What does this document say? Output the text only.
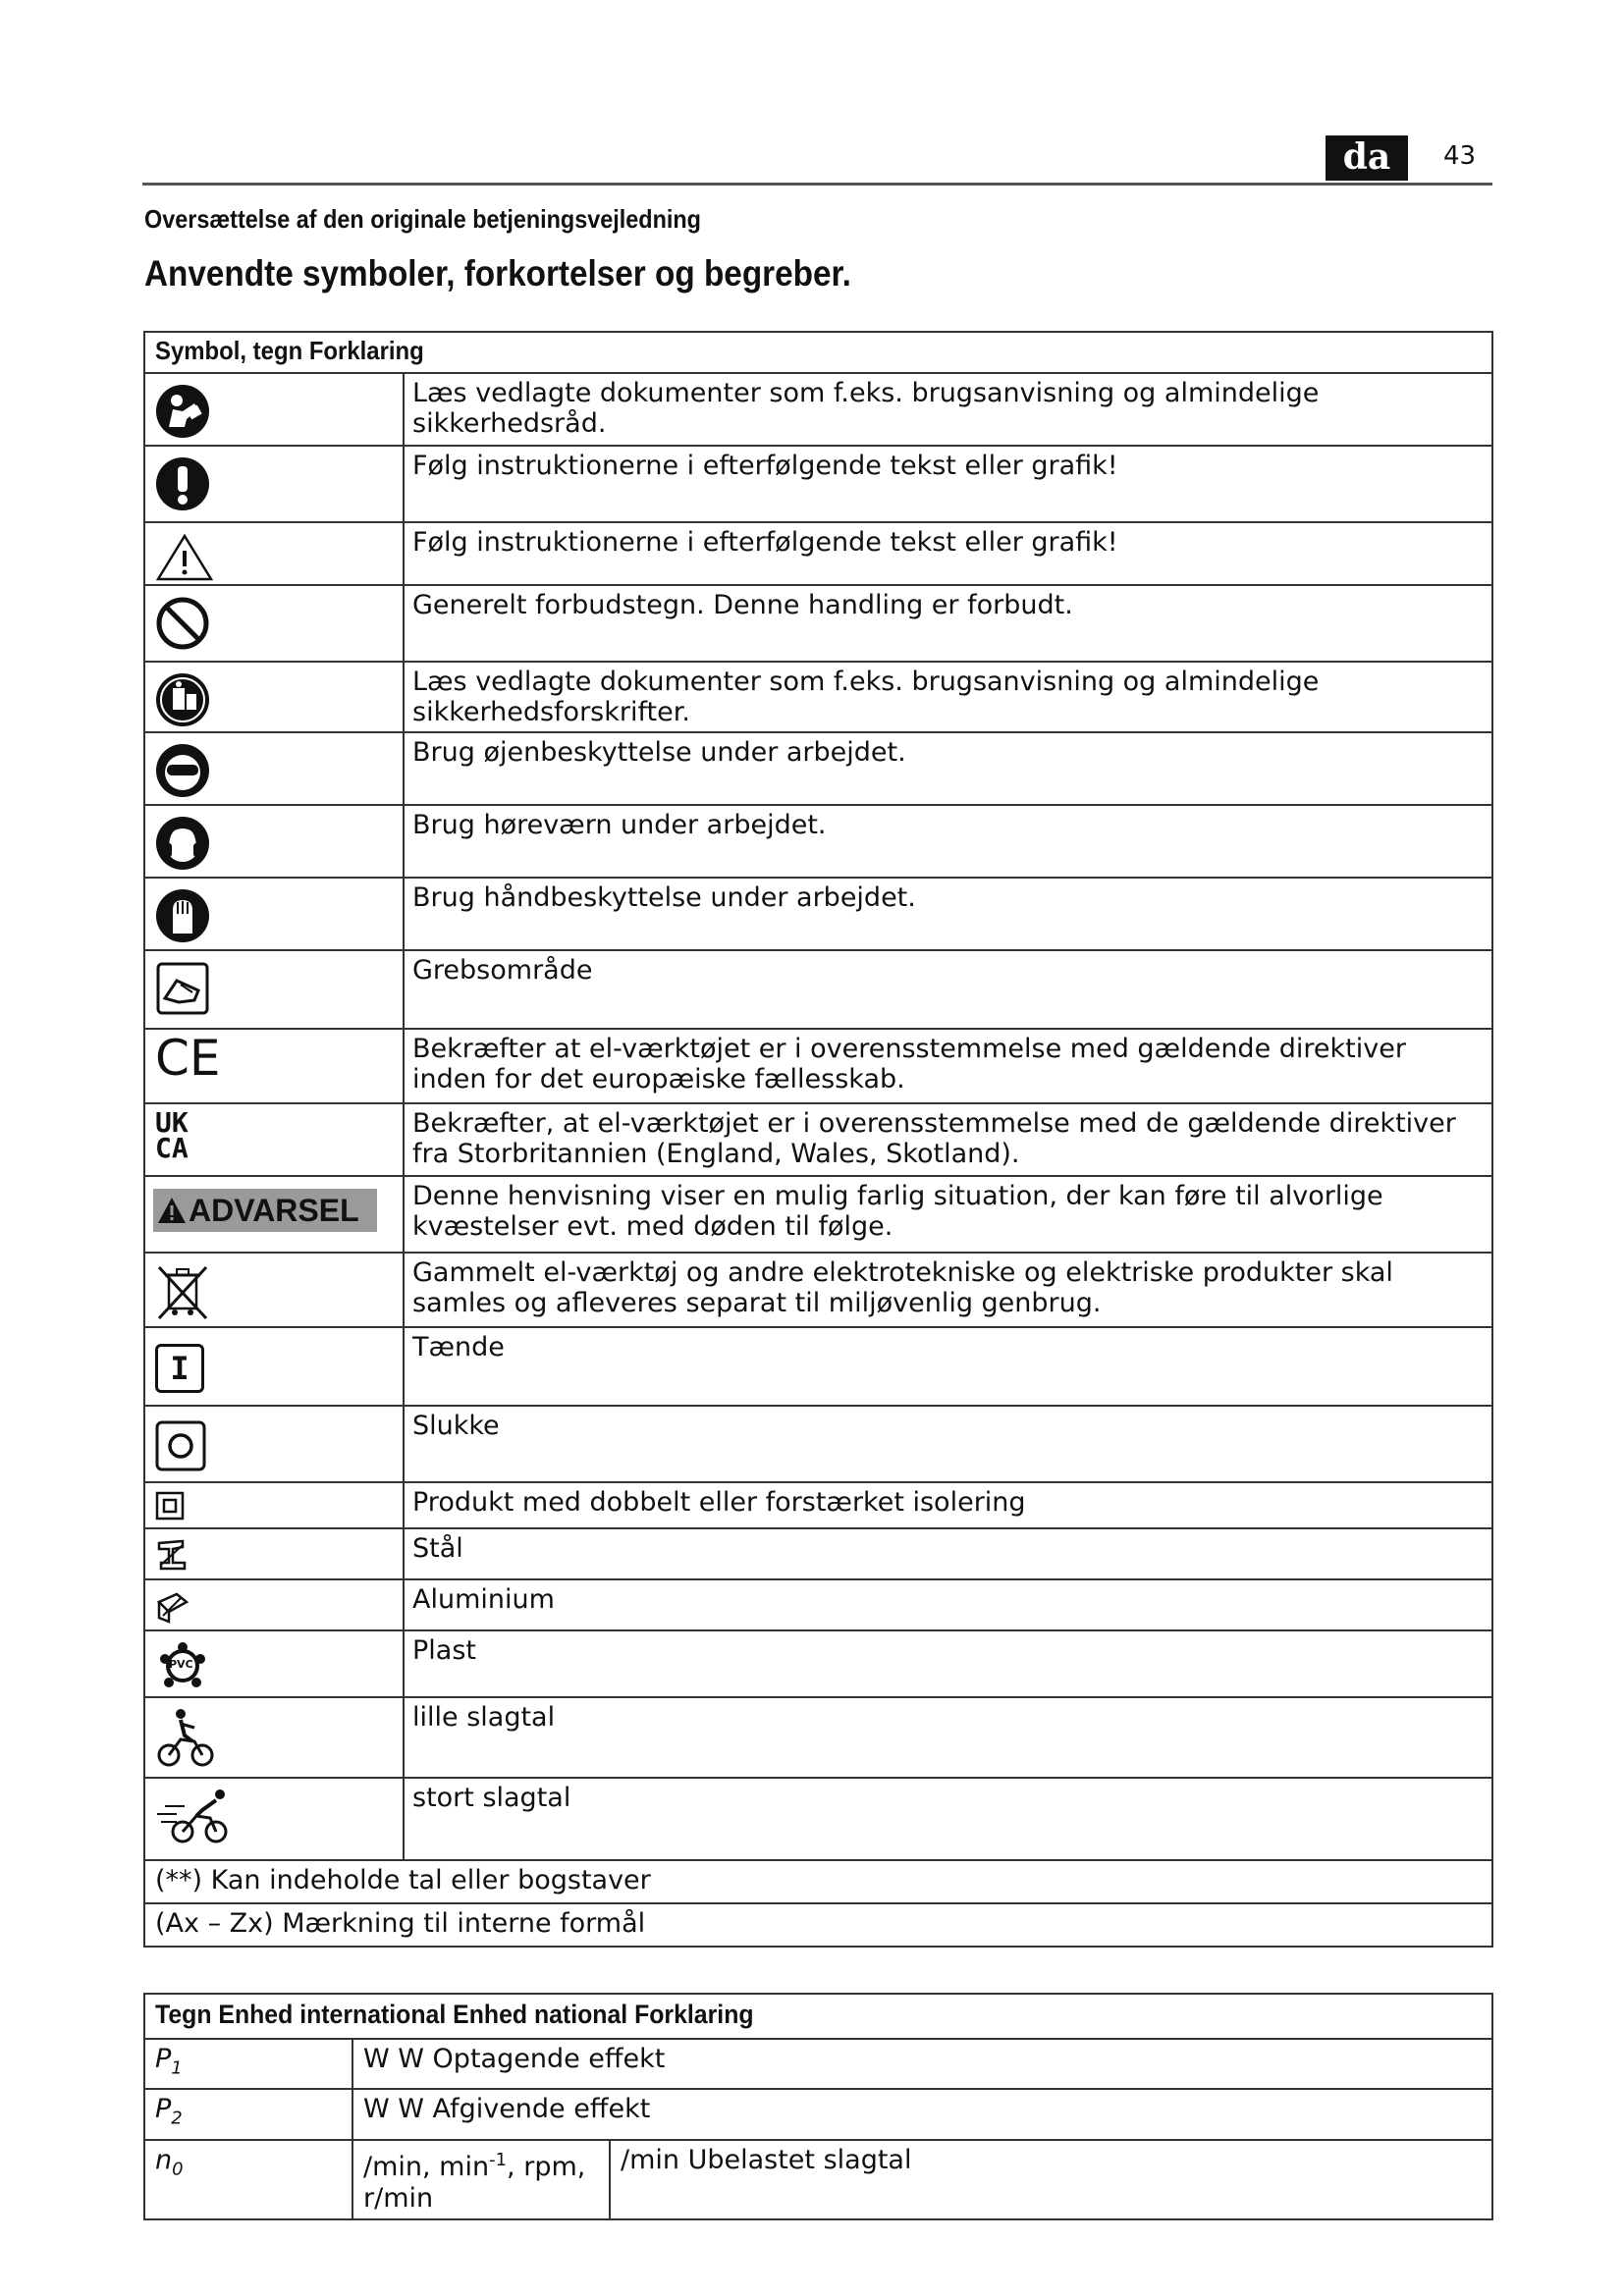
da	43
Oversættelse af den originale betjeningsvejledning
Anvendte symboler, forkortelser og begreber.
Symbol, tegn Forklaring	

	Læs vedlagte dokumenter som f.eks. brugsanvisning og almindelige sikkerhedsråd.

	Følg instruktionerne i efterfølgende tekst eller grafik!

	Følg instruktionerne i efterfølgende tekst eller grafik!

	Generelt forbudstegn. Denne handling er forbudt.

	Læs vedlagte dokumenter som f.eks. brugsanvisning og almindelige sikkerhedsforskrifter.

	Brug øjenbeskyttelse under arbejdet.

	Brug høreværn under arbejdet.

	Brug håndbeskyttelse under arbejdet.

	Grebsområde

CE	Bekræfter at el-værktøjet er i overensstemmelse med gældende direktiver inden for det europæiske fællesskab.

UK
CA	Bekræfter, at el-værktøjet er i overensstemmelse med de gældende direktiver fra Storbritannien (England, Wales, Skotland).

ADVARSEL	Denne henvisning viser en mulig farlig situation, der kan føre til alvorlige kvæstelser evt. med døden til følge.

	Gammelt el-værktøj og andre elektrotekniske og elektriske produkter skal samles og afleveres separat til miljøvenlig genbrug.

I	Tænde

	Slukke

	Produkt med dobbelt eller forstærket isolering

	Stål

	Aluminium

PVC	Plast

	lille slagtal

	stort slagtal
(**) Kan indeholde tal eller bogstaver	
(Ax – Zx) Mærkning til interne formål	
Tegn Enhed international Enhed national Forklaring		
$P_1$	W W Optagende effekt	
$P_2$	W W Afgivende effekt	
$n_0$	/min, $\min^{-1}$, rpm, r/min	/min Ubelastet slagtal
